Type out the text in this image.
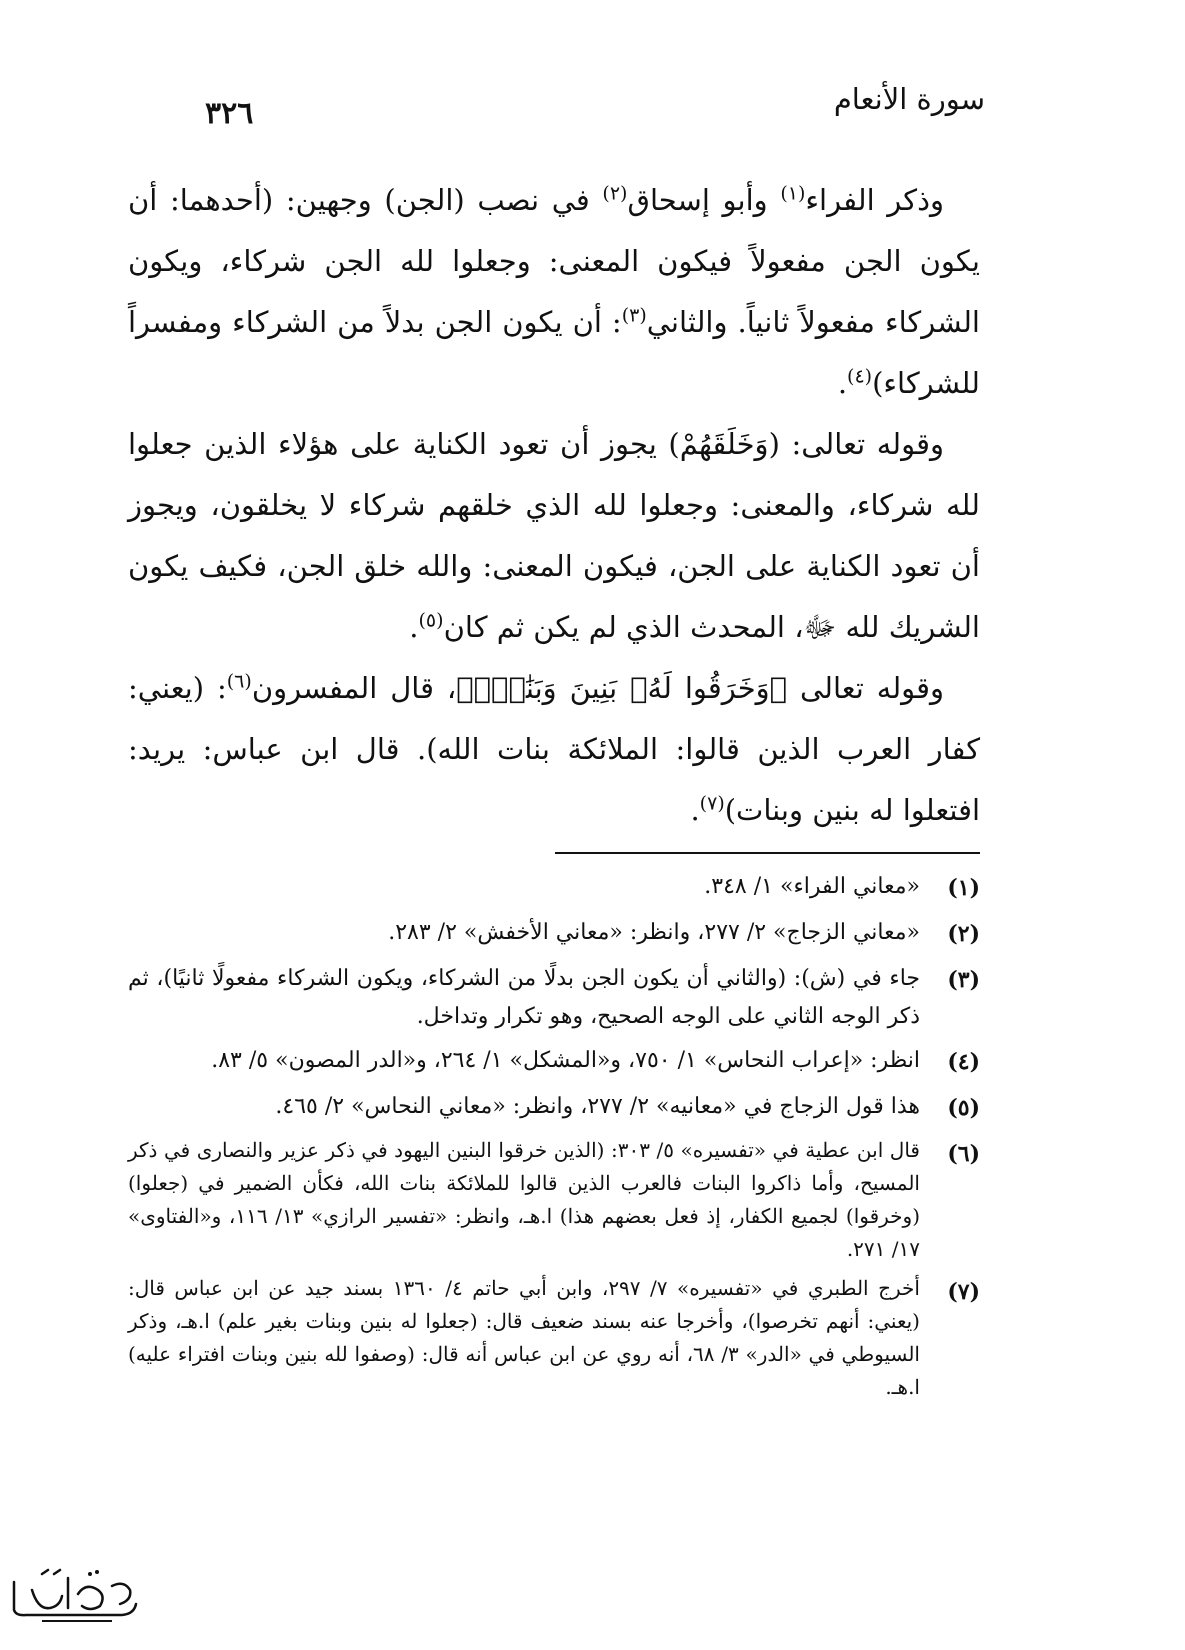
سورة الأنعام
٣٢٦

وذكر الفراء$^{(١)}$ وأبو إسحاق$^{(٢)}$ في نصب (الجن) وجهين: (أحدهما: أن يكون الجن مفعولاً فيكون المعنى: وجعلوا لله الجن شركاء، ويكون الشركاء مفعولاً ثانياً. والثاني$^{(٣)}$: أن يكون الجن بدلاً من الشركاء ومفسراً للشركاء)$^{(٤)}$.

وقوله تعالى: (وَخَلَقَهُمْ) يجوز أن تعود الكناية على هؤلاء الذين جعلوا لله شركاء، والمعنى: وجعلوا لله الذي خلقهم شركاء لا يخلقون، ويجوز أن تعود الكناية على الجن، فيكون المعنى: والله خلق الجن، فكيف يكون الشريك لله ﷻ، المحدث الذي لم يكن ثم كان$^{(٥)}$.

وقوله تعالى ﴿وَخَرَقُوا لَهُۥ بَنِينَ وَبَنَٰتٍۭ﴾، قال المفسرون$^{(٦)}$: (يعني: كفار العرب الذين قالوا: الملائكة بنات الله). قال ابن عباس: يريد: افتعلوا له بنين وبنات)$^{(٧)}$.

(١)
«معاني الفراء» ١/ ٣٤٨.
(٢)
«معاني الزجاج» ٢/ ٢٧٧، وانظر: «معاني الأخفش» ٢/ ٢٨٣.
(٣)
جاء في (ش): (والثاني أن يكون الجن بدلًا من الشركاء، ويكون الشركاء مفعولًا ثانيًا)، ثم ذكر الوجه الثاني على الوجه الصحيح، وهو تكرار وتداخل.
(٤)
انظر: «إعراب النحاس» ١/ ٧٥٠، و«المشكل» ١/ ٢٦٤، و«الدر المصون» ٥/ ٨٣.
(٥)
هذا قول الزجاج في «معانيه» ٢/ ٢٧٧، وانظر: «معاني النحاس» ٢/ ٤٦٥.
(٦)
قال ابن عطية في «تفسيره» ٥/ ٣٠٣: (الذين خرقوا البنين اليهود في ذكر عزير والنصارى في ذكر المسيح، وأما ذاكروا البنات فالعرب الذين قالوا للملائكة بنات الله، فكأن الضمير في (جعلوا) (وخرقوا) لجميع الكفار، إذ فعل بعضهم هذا) ا.هـ، وانظر: «تفسير الرازي» ١٣/ ١١٦، و«الفتاوى» ١٧/ ٢٧١.
(٧)
أخرج الطبري في «تفسيره» ٧/ ٢٩٧، وابن أبي حاتم ٤/ ١٣٦٠ بسند جيد عن ابن عباس قال: (يعني: أنهم تخرصوا)، وأخرجا عنه بسند ضعيف قال: (جعلوا له بنين وبنات بغير علم) ا.هـ، وذكر السيوطي في «الدر» ٣/ ٦٨، أنه روي عن ابن عباس أنه قال: (وصفوا لله بنين وبنات افتراء عليه) ا.هـ.
